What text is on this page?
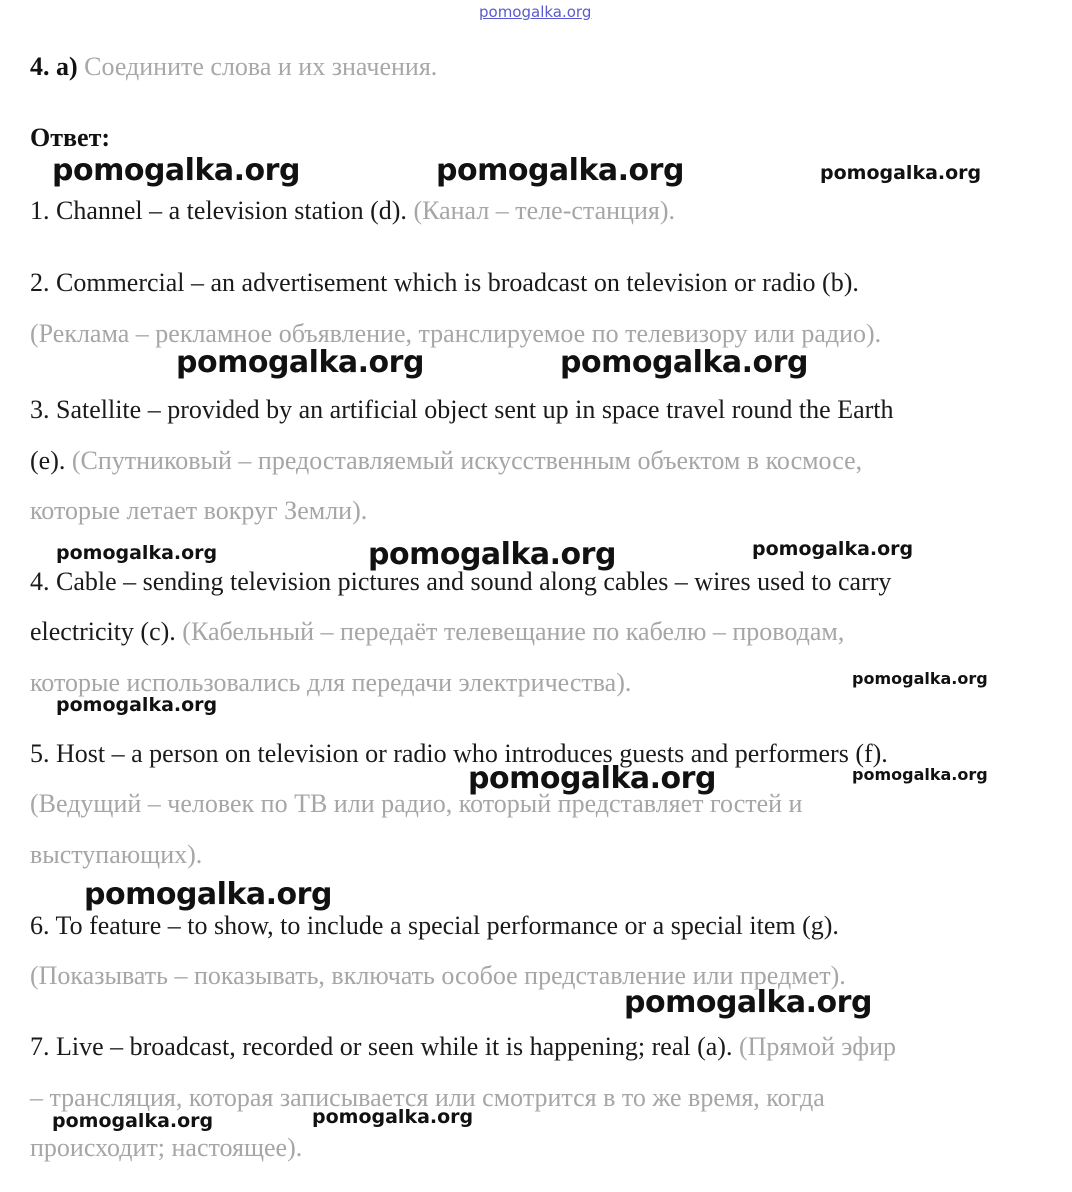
pomogalka.org
4. а) Соедините слова и их значения.
Ответ:
1. Channel – a television station (d). (Канал – теле-станция).
2. Commercial – an advertisement which is broadcast on television or radio (b).
(Реклама – рекламное объявление, транслируемое по телевизору или радио).
3. Satellite – provided by an artificial object sent up in space travel round the Earth
(e). (Спутниковый – предоставляемый искусственным объектом в космосе,
которые летает вокруг Земли).
4. Cable – sending television pictures and sound along cables – wires used to carry
electricity (c). (Кабельный – передаёт телевещание по кабелю – проводам,
которые использовались для передачи электричества).
5. Host – a person on television or radio who introduces guests and performers (f).
(Ведущий – человек по ТВ или радио, который представляет гостей и
выступающих).
6. To feature – to show, to include a special performance or a special item (g).
(Показывать – показывать, включать особое представление или предмет).
7. Live – broadcast, recorded or seen while it is happening; real (a). (Прямой эфир
– трансляция, которая записывается или смотрится в то же время, когда
происходит; настоящее).
pomogalka.org	pomogalka.org	pomogalka.org
pomogalka.org	pomogalka.org
pomogalka.org	pomogalka.org	pomogalka.org
pomogalka.org
pomogalka.org
pomogalka.org	pomogalka.org
pomogalka.org
pomogalka.org
pomogalka.org	pomogalka.org
